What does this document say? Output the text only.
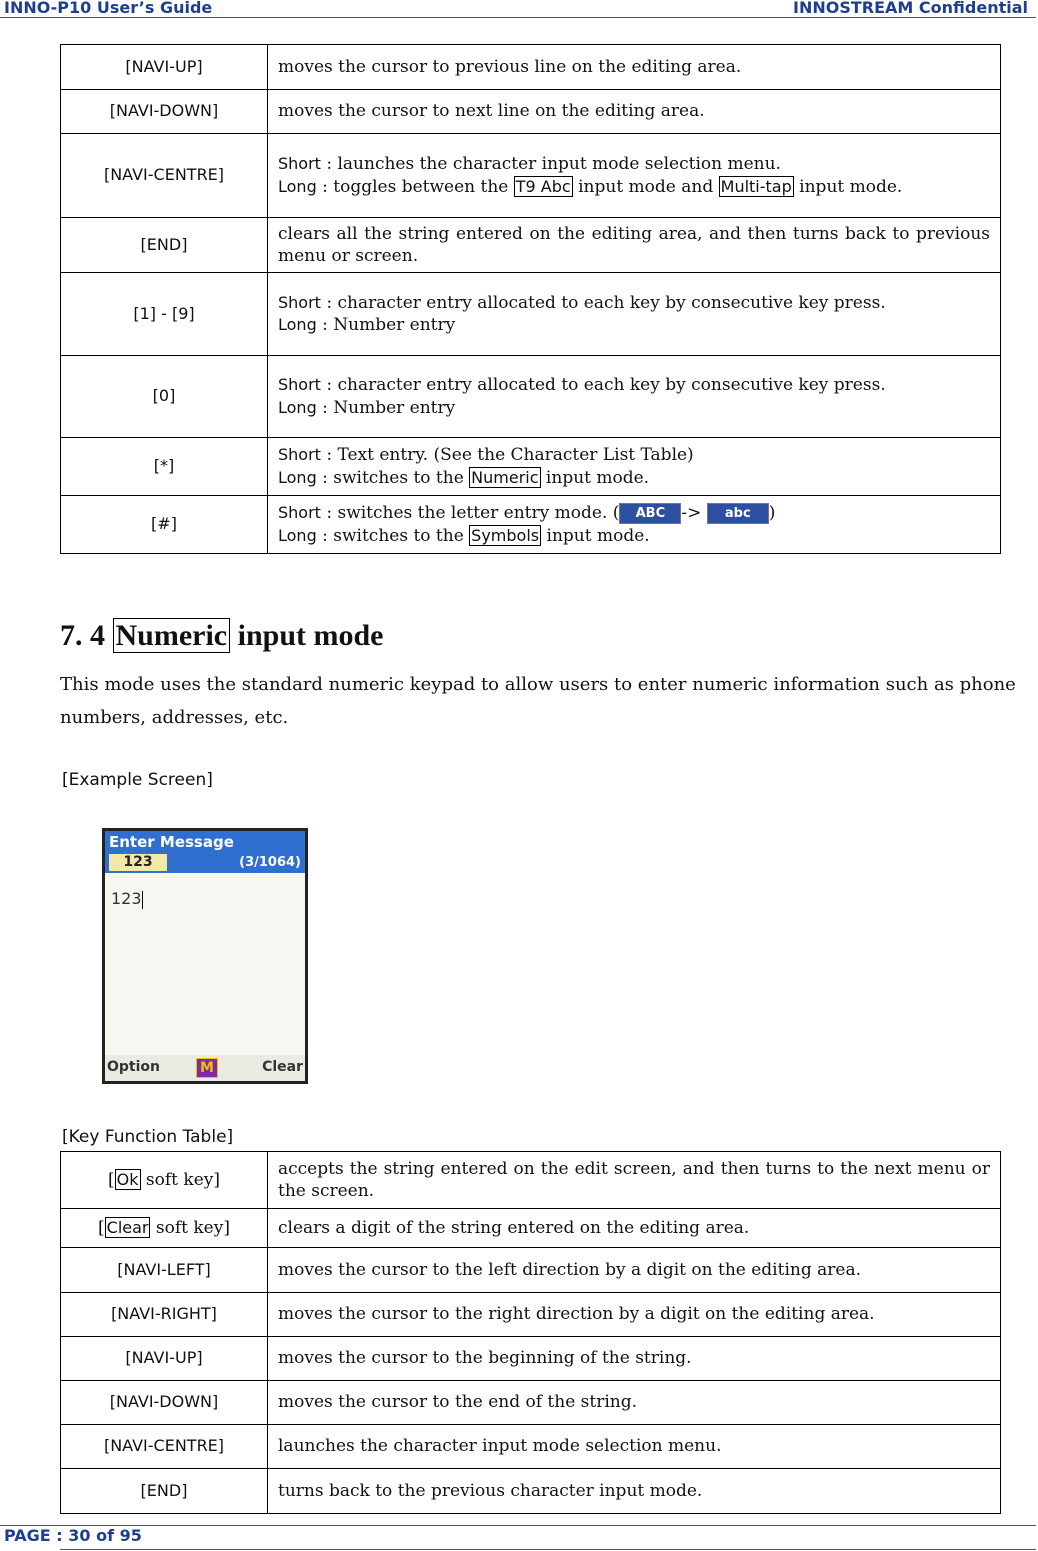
INNO-P10 User’s Guide	INNOSTREAM Confidential
[NAVI-UP]	moves the cursor to previous line on the editing area.
[NAVI-DOWN]	moves the cursor to next line on the editing area.
[NAVI-CENTRE]	Short : launches the character input mode selection menu.
Long : toggles between the T9 Abc input mode and Multi-tap input mode.
[END]	clears all the string entered on the editing area, and then turns back to previous menu or screen.
[1] - [9]	Short : character entry allocated to each key by consecutive key press.
Long : Number entry
[0]	Short : character entry allocated to each key by consecutive key press.
Long : Number entry
[*]	Short : Text entry. (See the Character List Table)
Long : switches to the Numeric input mode.
[#]	Short : switches the letter entry mode. ( ABC -> abc )
Long : switches to the Symbols input mode.
7. 4 Numeric input mode
This mode uses the standard numeric keypad to allow users to enter numeric information such as phone numbers, addresses, etc.
[Example Screen]
Enter Message
123	(3/1064)
123
Option	M	Clear
[Key Function Table]
[ Ok soft key]	accepts the string entered on the edit screen, and then turns to the next menu or the screen.
[ Clear soft key]	clears a digit of the string entered on the editing area.
[NAVI-LEFT]	moves the cursor to the left direction by a digit on the editing area.
[NAVI-RIGHT]	moves the cursor to the right direction by a digit on the editing area.
[NAVI-UP]	moves the cursor to the beginning of the string.
[NAVI-DOWN]	moves the cursor to the end of the string.
[NAVI-CENTRE]	launches the character input mode selection menu.
[END]	turns back to the previous character input mode.
PAGE : 30 of 95
